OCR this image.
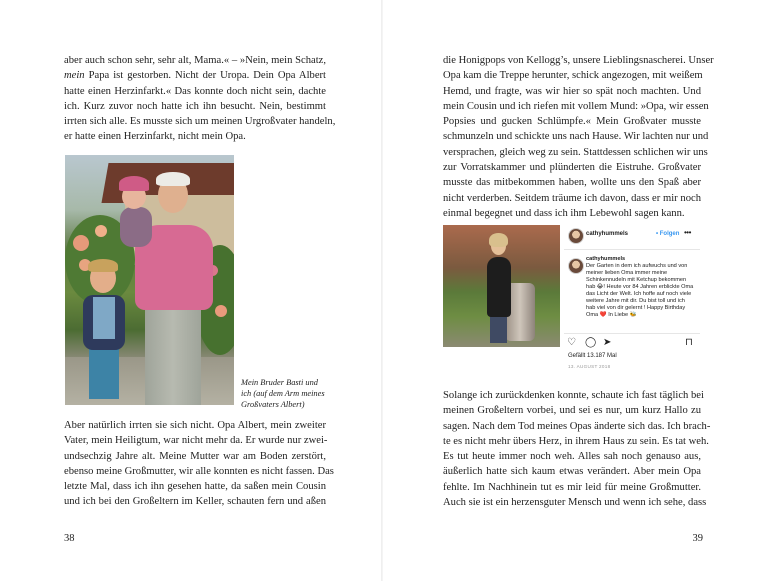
aber auch schon sehr, sehr alt, Mama.« – »Nein, mein Schatz,
mein Papa ist gestorben. Nicht der Uropa. Dein Opa Albert
hatte einen Herzinfarkt.« Das konnte doch nicht sein, dachte
ich. Kurz zuvor noch hatte ich ihn besucht. Nein, bestimmt
irrten sich alle. Es musste sich um meinen Urgroßvater handeln,
er hatte einen Herzinfarkt, nicht mein Opa.
Mein Bruder Basti und
ich (auf dem Arm meines
Großvaters Albert)
Aber natürlich irrten sie sich nicht. Opa Albert, mein zweiter
Vater, mein Heiligtum, war nicht mehr da. Er wurde nur zwei-
undsechzig Jahre alt. Meine Mutter war am Boden zerstört,
ebenso meine Großmutter, wir alle konnten es nicht fassen. Das
letzte Mal, dass ich ihn gesehen hatte, da saßen mein Cousin
und ich bei den Großeltern im Keller, schauten fern und aßen
38
die Honigpops von Kellogg’s, unsere Lieblingsnascherei. Unser
Opa kam die Treppe herunter, schick angezogen, mit weißem
Hemd, und fragte, was wir hier so spät noch machten. Und
mein Cousin und ich riefen mit vollem Mund: »Opa, wir essen
Popsies und gucken Schlümpfe.« Mein Großvater musste
schmunzeln und schickte uns nach Hause. Wir lachten nur und
versprachen, gleich weg zu sein. Stattdessen schlichen wir uns
zur Vorratskammer und plünderten die Eistruhe. Großvater
musste das mitbekommen haben, wollte uns den Spaß aber
nicht verderben. Seitdem träume ich davon, dass er mir noch
einmal begegnet und dass ich ihm Lebewohl sagen kann.
Solange ich zurückdenken konnte, schaute ich fast täglich bei
meinen Großeltern vorbei, und sei es nur, um kurz Hallo zu
sagen. Nach dem Tod meines Opas änderte sich das. Ich brach-
te es nicht mehr übers Herz, in ihrem Haus zu sein. Es tat weh.
Es tut heute immer noch weh. Alles sah noch genauso aus,
äußerlich hatte sich kaum etwas verändert. Aber mein Opa
fehlte. Im Nachhinein tut es mir leid für meine Großmutter.
Auch sie ist ein herzensguter Mensch und wenn ich sehe, dass
39
cathyhummels	• Folgen •••
cathyhummels
Der Garten in dem ich aufwuchs und von meiner lieben Oma immer meine Schinkennudeln mit Ketchup bekommen hab 😂! Heute vor 84 Jahren erblickte Oma das Licht der Welt. Ich hoffe auf noch viele weitere Jahre mit dir. Du bist toll und ich hab viel von dir gelernt ! Happy Birthday Oma ❤️ In Liebe 🐝
♡ ◯ ➤	⊓
Gefällt 13.187 Mal
13. AUGUST 2018
